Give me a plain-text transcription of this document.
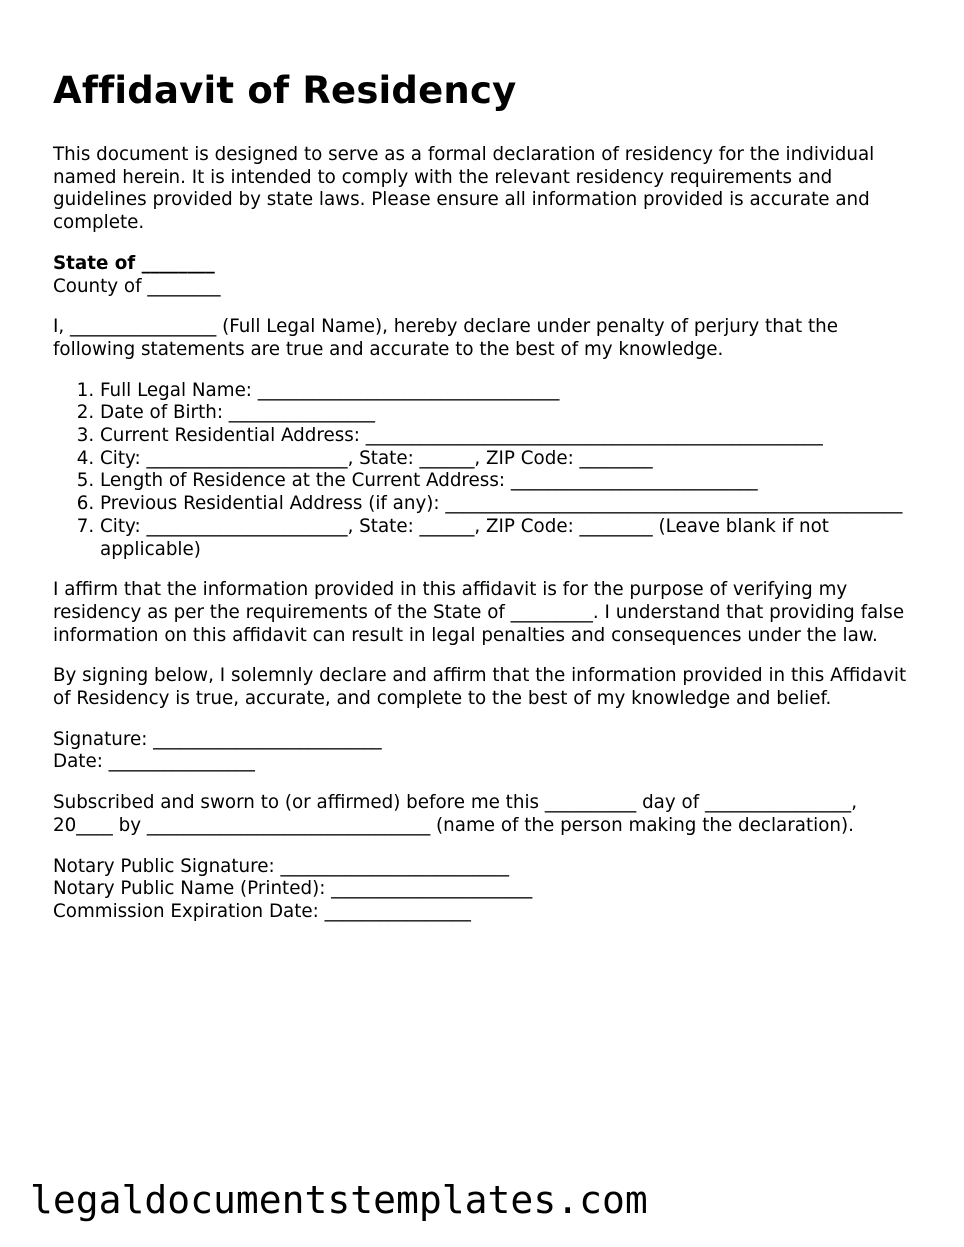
Affidavit of Residency

This document is designed to serve as a formal declaration of residency for the individual named herein. It is intended to comply with the relevant residency requirements and guidelines provided by state laws. Please ensure all information provided is accurate and complete.

State of ________
County of ________

I, ________________ (Full Legal Name), hereby declare under penalty of perjury that the following statements are true and accurate to the best of my knowledge.

1. Full Legal Name: _________________________________
2. Date of Birth: ________________
3. Current Residential Address: __________________________________________________
4. City: ______________________, State: ______, ZIP Code: ________
5. Length of Residence at the Current Address: ___________________________
6. Previous Residential Address (if any): __________________________________________________
7. City: ______________________, State: ______, ZIP Code: ________ (Leave blank if not applicable)

I affirm that the information provided in this affidavit is for the purpose of verifying my residency as per the requirements of the State of _________. I understand that providing false information on this affidavit can result in legal penalties and consequences under the law.

By signing below, I solemnly declare and affirm that the information provided in this Affidavit of Residency is true, accurate, and complete to the best of my knowledge and belief.

Signature: _________________________
Date: ________________

Subscribed and sworn to (or affirmed) before me this __________ day of ________________, 20____ by _______________________________ (name of the person making the declaration).

Notary Public Signature: _________________________
Notary Public Name (Printed): ______________________
Commission Expiration Date: ________________
legaldocumentstemplates.com
